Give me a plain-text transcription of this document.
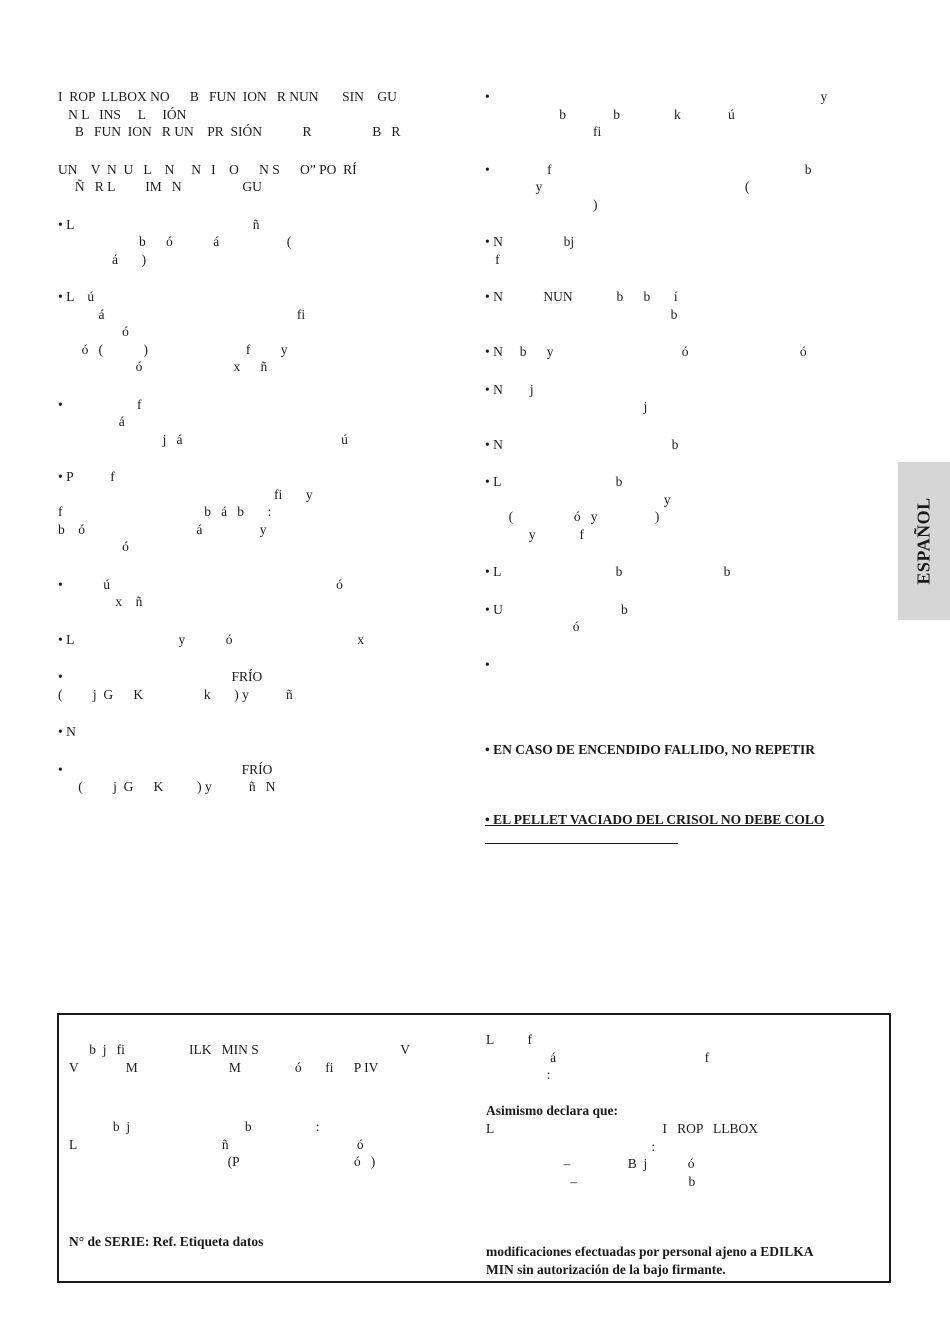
I  ROP  LLBOX NO      B   FUN  ION   R NUN       SIN    GU
N L   INS     L     IÓN
B   FUN  ION   R UN    PR  SIÓN            R                  B   R

UN    V  N  U   L    N     N   I    O      N S      O” PO  RÍ
Ñ   R L         IM   N                  GU

• L                                                     ñ
b      ó            á                    (
á       )

• L    ú
á                                                         fi
ó
ó   (            )                             f         y
ó                           x      ñ

•                      f
á
j   á                                               ú

• P           f
fi       y
f                                          b   á   b       :
b    ó                                 á                 y
ó

•            ú                                                                   ó
x    ñ

• L                               y            ó                                     x

•                                                  FRÍO
(         j  G      K                  k       ) y           ñ

• N

•                                                     FRÍO
(         j  G      K          ) y           ñ   N

•                                                                                                  y
b              b                k              ú
fi

•                 f                                                                           b
y                                                            (
)

• N                  bj
f

• N            NUN             b      b       í
b

• N     b      y                                      ó                                 ó

• N        j
j

• N                                                  b

• L                                  b
y
(                  ó   y                 )
y             f

• L                                  b                              b

• U                                   b
ó

•

• EN CASO DE ENCENDIDO FALLIDO, NO REPETIR
• EL PELLET VACIADO DEL CRISOL NO DEBE COLO
ESPAÑOL
b  j   fi                   ILK   MIN S                                          V
V              M                           M                ó       fi      P IV
b  j                                  b                   :
L                                           ñ                                      ó
(P                                  ó   )
N° de SERIE: Ref. Etiqueta datos
L          f
á                                            f
:
Asimismo declara que:
L                                                  I   ROP   LLBOX
:
–                 B  j            ó
–                                 b
modificaciones efectuadas por personal ajeno a EDILKA
MIN sin autorización de la bajo firmante.
